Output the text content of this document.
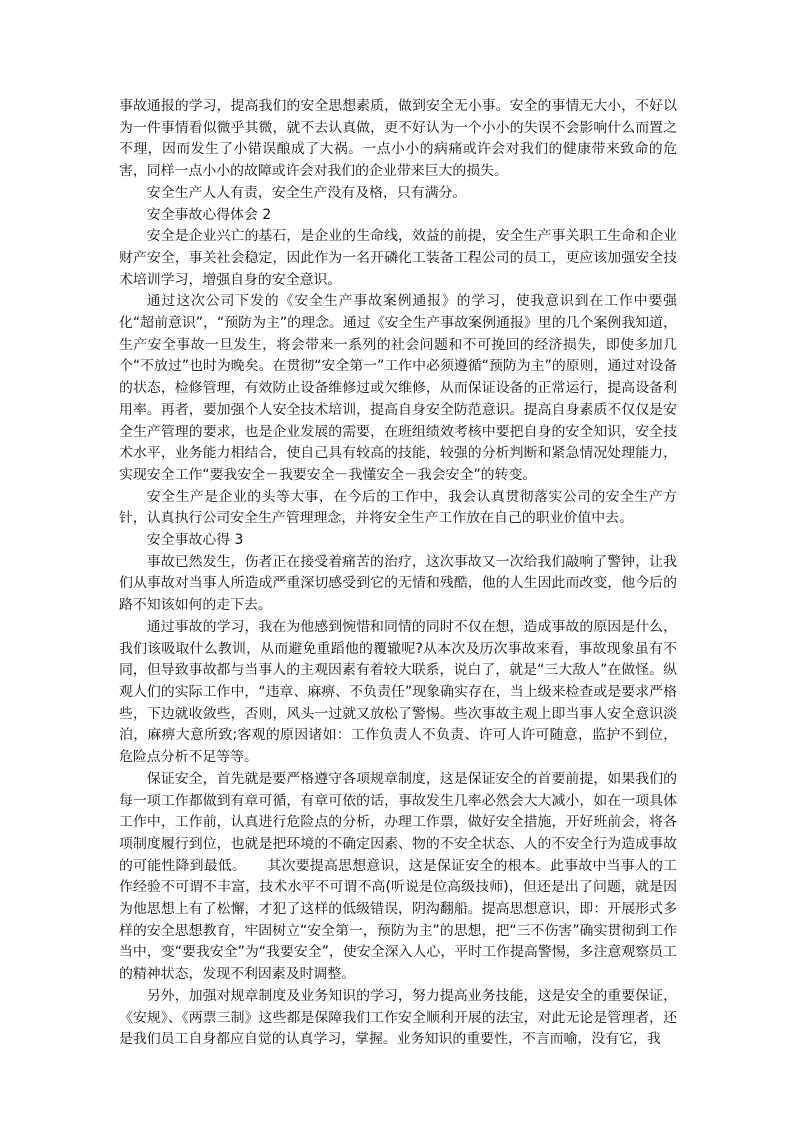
事故通报的学习，提高我们的安全思想素质，做到安全无小事。安全的事情无大小，不好以为一件事情看似微乎其微，就不去认真做，更不好认为一个小小的失误不会影响什么而置之不理，因而发生了小错误酿成了大祸。一点小小的病痛或许会对我们的健康带来致命的危害，同样一点小小的故障或许会对我们的企业带来巨大的损失。

安全生产人人有责，安全生产没有及格，只有满分。

安全事故心得体会 2

安全是企业兴亡的基石，是企业的生命线，效益的前提，安全生产事关职工生命和企业财产安全，事关社会稳定，因此作为一名开磷化工装备工程公司的员工，更应该加强安全技术培训学习，增强自身的安全意识。

通过这次公司下发的《安全生产事故案例通报》的学习，使我意识到在工作中要强化“超前意识”，“预防为主”的理念。通过《安全生产事故案例通报》里的几个案例我知道，生产安全事故一旦发生，将会带来一系列的社会问题和不可挽回的经济损失，即使多加几个“不放过”也时为晚矣。在贯彻“安全第一”工作中必须遵循“预防为主”的原则，通过对设备的状态，检修管理，有效防止设备维修过或欠维修，从而保证设备的正常运行，提高设备利用率。再者，要加强个人安全技术培训，提高自身安全防范意识。提高自身素质不仅仅是安全生产管理的要求，也是企业发展的需要，在班组绩效考核中要把自身的安全知识，安全技术水平，业务能力相结合，使自己具有较高的技能，较强的分析判断和紧急情况处理能力，实现安全工作“要我安全－我要安全－我懂安全－我会安全”的转变。

安全生产是企业的头等大事，在今后的工作中，我会认真贯彻落实公司的安全生产方针，认真执行公司安全生产管理理念，并将安全生产工作放在自己的职业价值中去。

安全事故心得 3

事故已然发生，伤者正在接受着痛苦的治疗，这次事故又一次给我们敲响了警钟，让我们从事故对当事人所造成严重深切感受到它的无情和残酷，他的人生因此而改变，他今后的路不知该如何的走下去。

通过事故的学习，我在为他感到惋惜和同情的同时不仅在想，造成事故的原因是什么，我们该吸取什么教训，从而避免重蹈他的覆辙呢?从本次及历次事故来看，事故现象虽有不同，但导致事故都与当事人的主观因素有着较大联系，说白了，就是“三大敌人”在做怪。纵观人们的实际工作中，“违章、麻痹、不负责任”现象确实存在，当上级来检查或是要求严格些，下边就收敛些，否则，风头一过就又放松了警惕。些次事故主观上即当事人安全意识淡泊，麻痹大意所致;客观的原因诸如：工作负责人不负责、许可人许可随意，监护不到位，危险点分析不足等等。

保证安全，首先就是要严格遵守各项规章制度，这是保证安全的首要前提，如果我们的每一项工作都做到有章可循，有章可依的话，事故发生几率必然会大大减小，如在一项具体工作中，工作前，认真进行危险点的分析，办理工作票，做好安全措施，开好班前会，将各项制度履行到位，也就是把环境的不确定因素、物的不安全状态、人的不安全行为造成事故的可能性降到最低。　　其次要提高思想意识，这是保证安全的根本。此事故中当事人的工作经验不可谓不丰富，技术水平不可谓不高(听说是位高级技师)，但还是出了问题，就是因为他思想上有了松懈，才犯了这样的低级错误，阴沟翻船。提高思想意识，即：开展形式多样的安全思想教育，牢固树立“安全第一，预防为主”的思想，把“三不伤害”确实贯彻到工作当中，变“要我安全”为“我要安全”，使安全深入人心，平时工作提高警惕，多注意观察员工的精神状态，发现不利因素及时调整。

另外，加强对规章制度及业务知识的学习，努力提高业务技能，这是安全的重要保证，《安规》、《两票三制》这些都是保障我们工作安全顺利开展的法宝，对此无论是管理者，还是我们员工自身都应自觉的认真学习，掌握。业务知识的重要性，不言而喻，没有它，我
